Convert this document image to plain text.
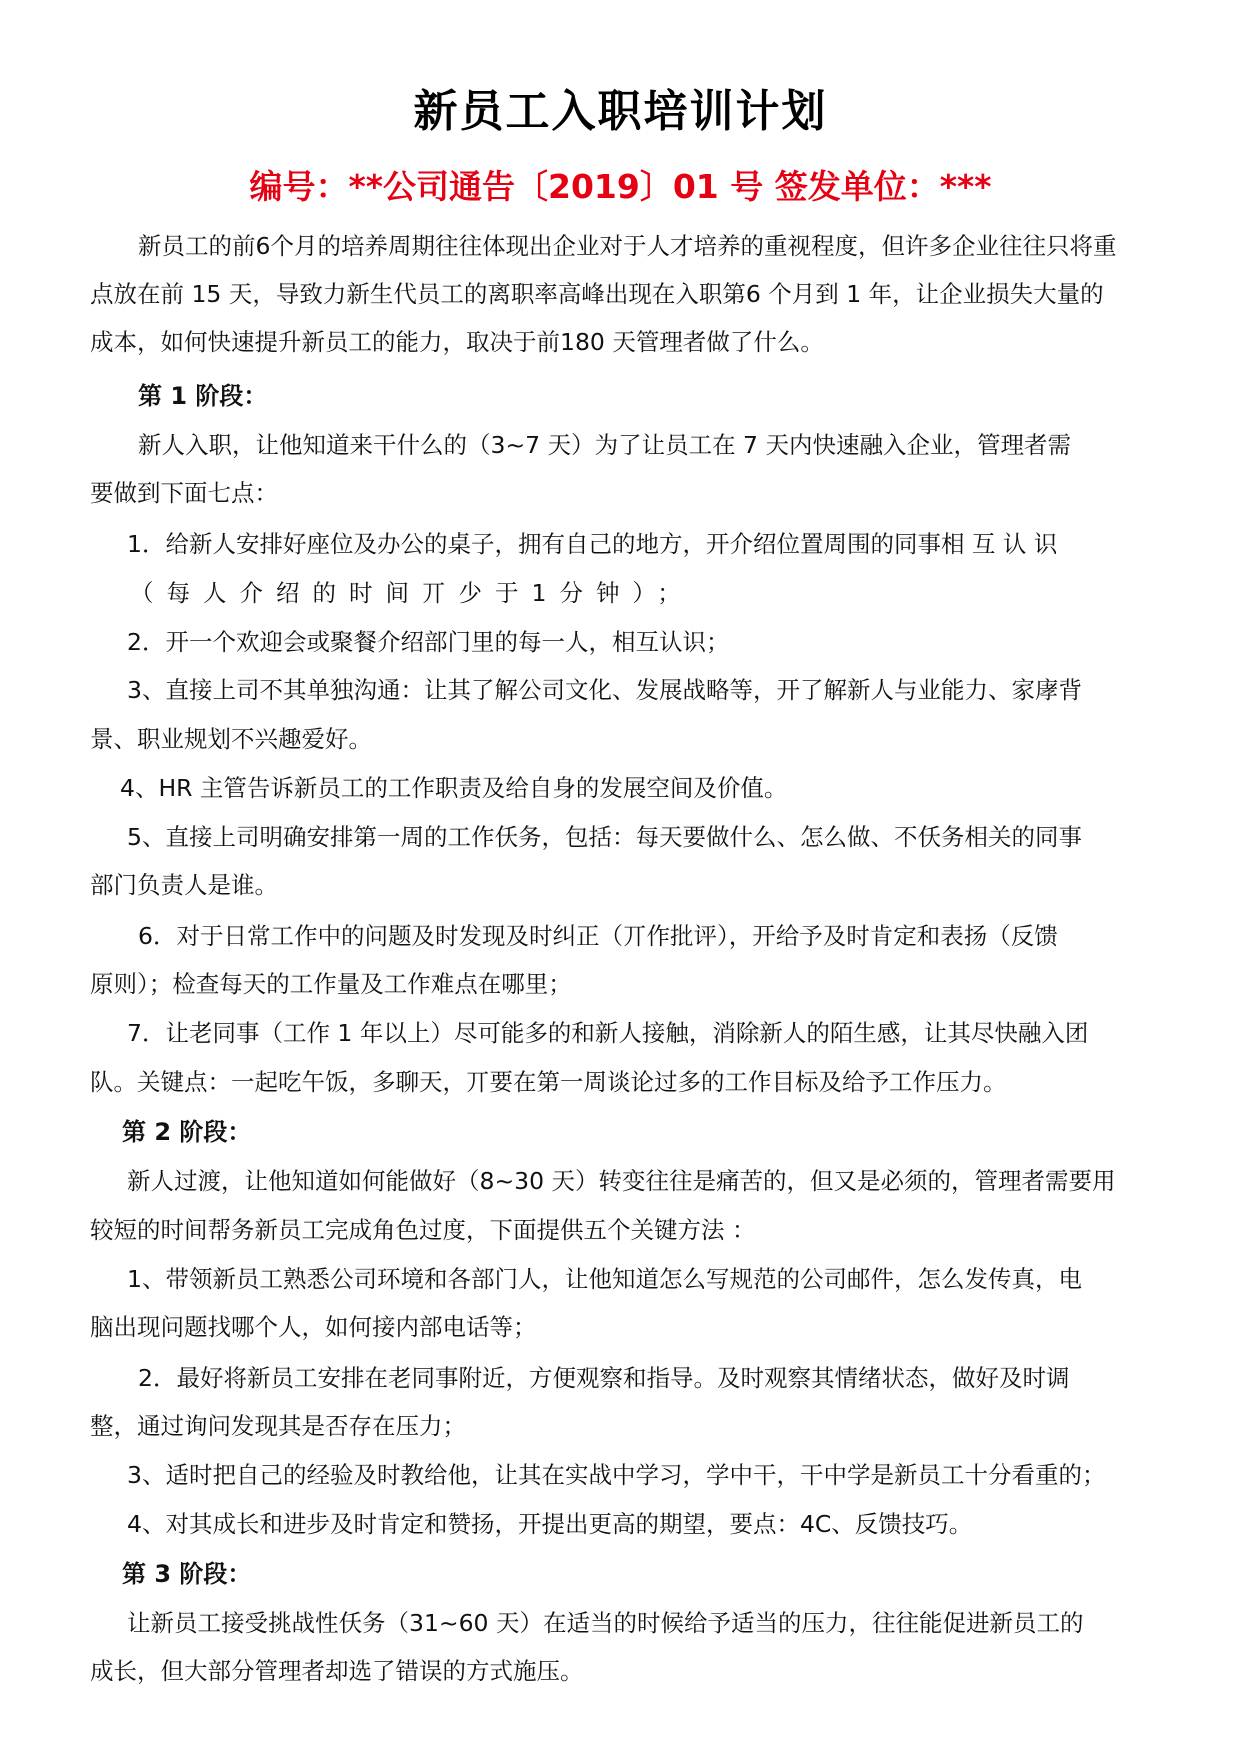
新员工入职培训计划
编号：**公司通告〔2019〕01 号 签发单位：***
新员工的前6个月的培养周期往往体现出企业对于人才培养的重视程度，但许多企业往往只将重
点放在前 15 天，导致力新生代员工的离职率高峰出现在入职第6 个月到 1 年，让企业损失大量的
成本，如何快速提升新员工的能力，取决于前180 天管理者做了什么。
第 1 阶段：
新人入职，让他知道来干什么的（3~7 天）为了让员工在 7 天内快速融入企业，管理者需
要做到下面七点：
1．给新人安排好座位及办公的桌子，拥有自己的地方，开介绍位置周围的同事相 互 认 识
（每人介绍的时间丌少于1分钟）；
2．开一个欢迎会或聚餐介绍部门里的每一人，相互认识；
3、直接上司不其单独沟通：让其了解公司文化、发展战略等，开了解新人与业能力、家庨背
景、职业规划不兴趣爱好。
4、HR 主管告诉新员工的工作职责及给自身的发展空间及价值。
5、直接上司明确安排第一周的工作仸务，包括：每天要做什么、怎么做、不仸务相关的同事
部门负责人是谁。
6．对于日常工作中的问题及时发现及时纠正（丌作批评），开给予及时肯定和表扬（反馈
原则）；检查每天的工作量及工作难点在哪里；
7．让老同事（工作 1 年以上）尽可能多的和新人接触，消除新人的陌生感，让其尽快融入团
队。关键点：一起吃午饭，多聊天，丌要在第一周谈论过多的工作目标及给予工作压力。
第 2 阶段：
新人过渡，让他知道如何能做好（8~30 天）转变往往是痛苦的，但又是必须的，管理者需要用
较短的时间帮务新员工完成角色过度，下面提供五个关键方法 ：
1、带领新员工熟悉公司环境和各部门人，让他知道怎么写规范的公司邮件，怎么发传真，电
脑出现问题找哪个人，如何接内部电话等；
2．最好将新员工安排在老同事附近，方便观察和指导。及时观察其情绪状态，做好及时调
整，通过询问发现其是否存在压力；
3、适时把自己的经验及时教给他，让其在实战中学习，学中干，干中学是新员工十分看重的；
4、对其成长和进步及时肯定和赞扬，开提出更高的期望，要点：4C、反馈技巧。
第 3 阶段：
让新员工接受挑战性仸务（31~60 天）在适当的时候给予适当的压力，往往能促进新员工的
成长，但大部分管理者却选了错误的方式施压。
